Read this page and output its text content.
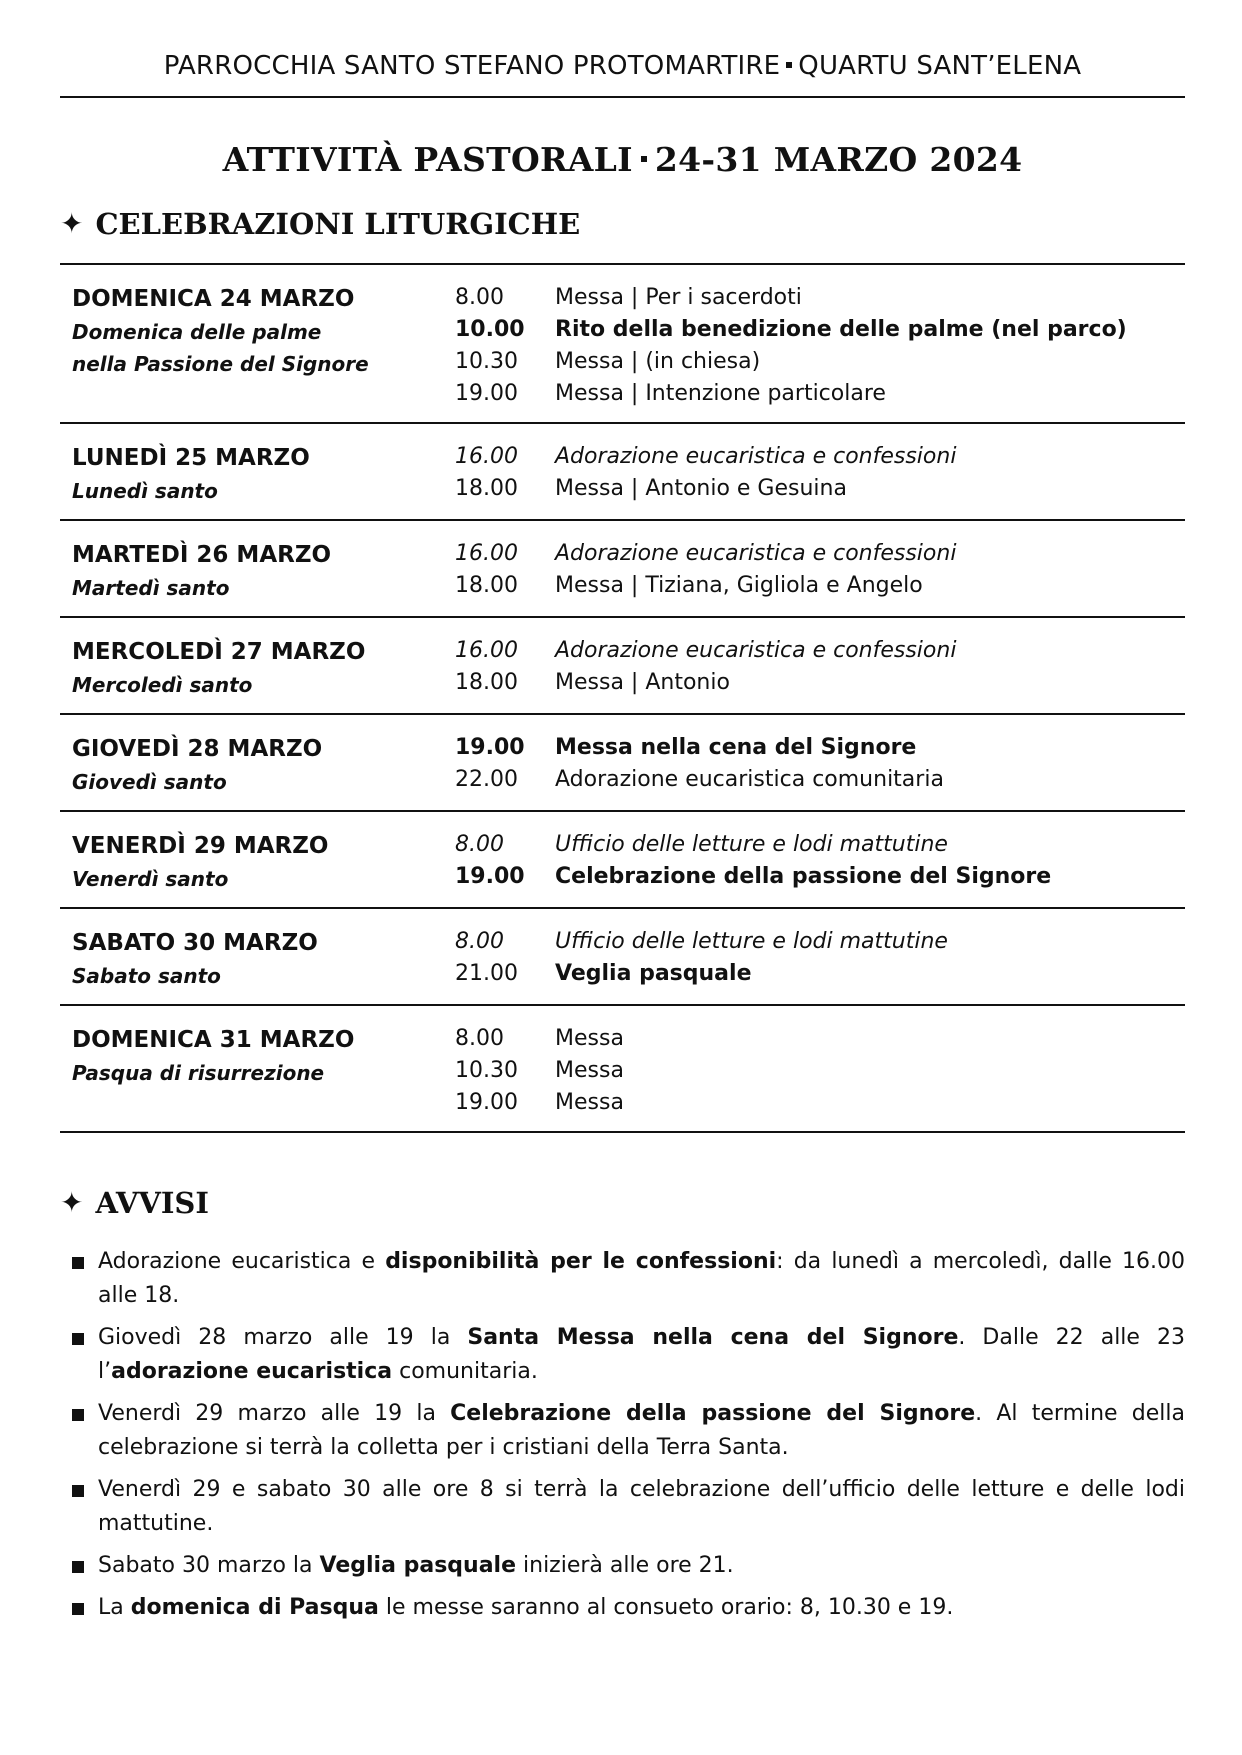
PARROCCHIA SANTO STEFANO PROTOMARTIRE QUARTU SANT’ELENA
ATTIVITÀ PASTORALI 24-31 MARZO 2024
✦ CELEBRAZIONI LITURGICHE
DOMENICA 24 MARZO
Domenica delle palme
nella Passione del Signore
8.00	Messa | Per i sacerdoti
10.00	Rito della benedizione delle palme (nel parco)
10.30	Messa | (in chiesa)
19.00	Messa | Intenzione particolare
LUNEDÌ 25 MARZO
Lunedì santo
16.00	Adorazione eucaristica e confessioni
18.00	Messa | Antonio e Gesuina
MARTEDÌ 26 MARZO
Martedì santo
16.00	Adorazione eucaristica e confessioni
18.00	Messa | Tiziana, Gigliola e Angelo
MERCOLEDÌ 27 MARZO
Mercoledì santo
16.00	Adorazione eucaristica e confessioni
18.00	Messa | Antonio
GIOVEDÌ 28 MARZO
Giovedì santo
19.00	Messa nella cena del Signore
22.00	Adorazione eucaristica comunitaria
VENERDÌ 29 MARZO
Venerdì santo
8.00	Ufficio delle letture e lodi mattutine
19.00	Celebrazione della passione del Signore
SABATO 30 MARZO
Sabato santo
8.00	Ufficio delle letture e lodi mattutine
21.00	Veglia pasquale
DOMENICA 31 MARZO
Pasqua di risurrezione
8.00	Messa
10.30	Messa
19.00	Messa
✦ AVVISI
Adorazione eucaristica e disponibilità per le confessioni: da lunedì a mercoledì, dalle 16.00 alle 18.
Giovedì 28 marzo alle 19 la Santa Messa nella cena del Signore. Dalle 22 alle 23 l’adorazione eucaristica comunitaria.
Venerdì 29 marzo alle 19 la Celebrazione della passione del Signore. Al termine della celebrazione si terrà la colletta per i cristiani della Terra Santa.
Venerdì 29 e sabato 30 alle ore 8 si terrà la celebrazione dell’ufficio delle letture e delle lodi mattutine.
Sabato 30 marzo la Veglia pasquale inizierà alle ore 21.
La domenica di Pasqua le messe saranno al consueto orario: 8, 10.30 e 19.
